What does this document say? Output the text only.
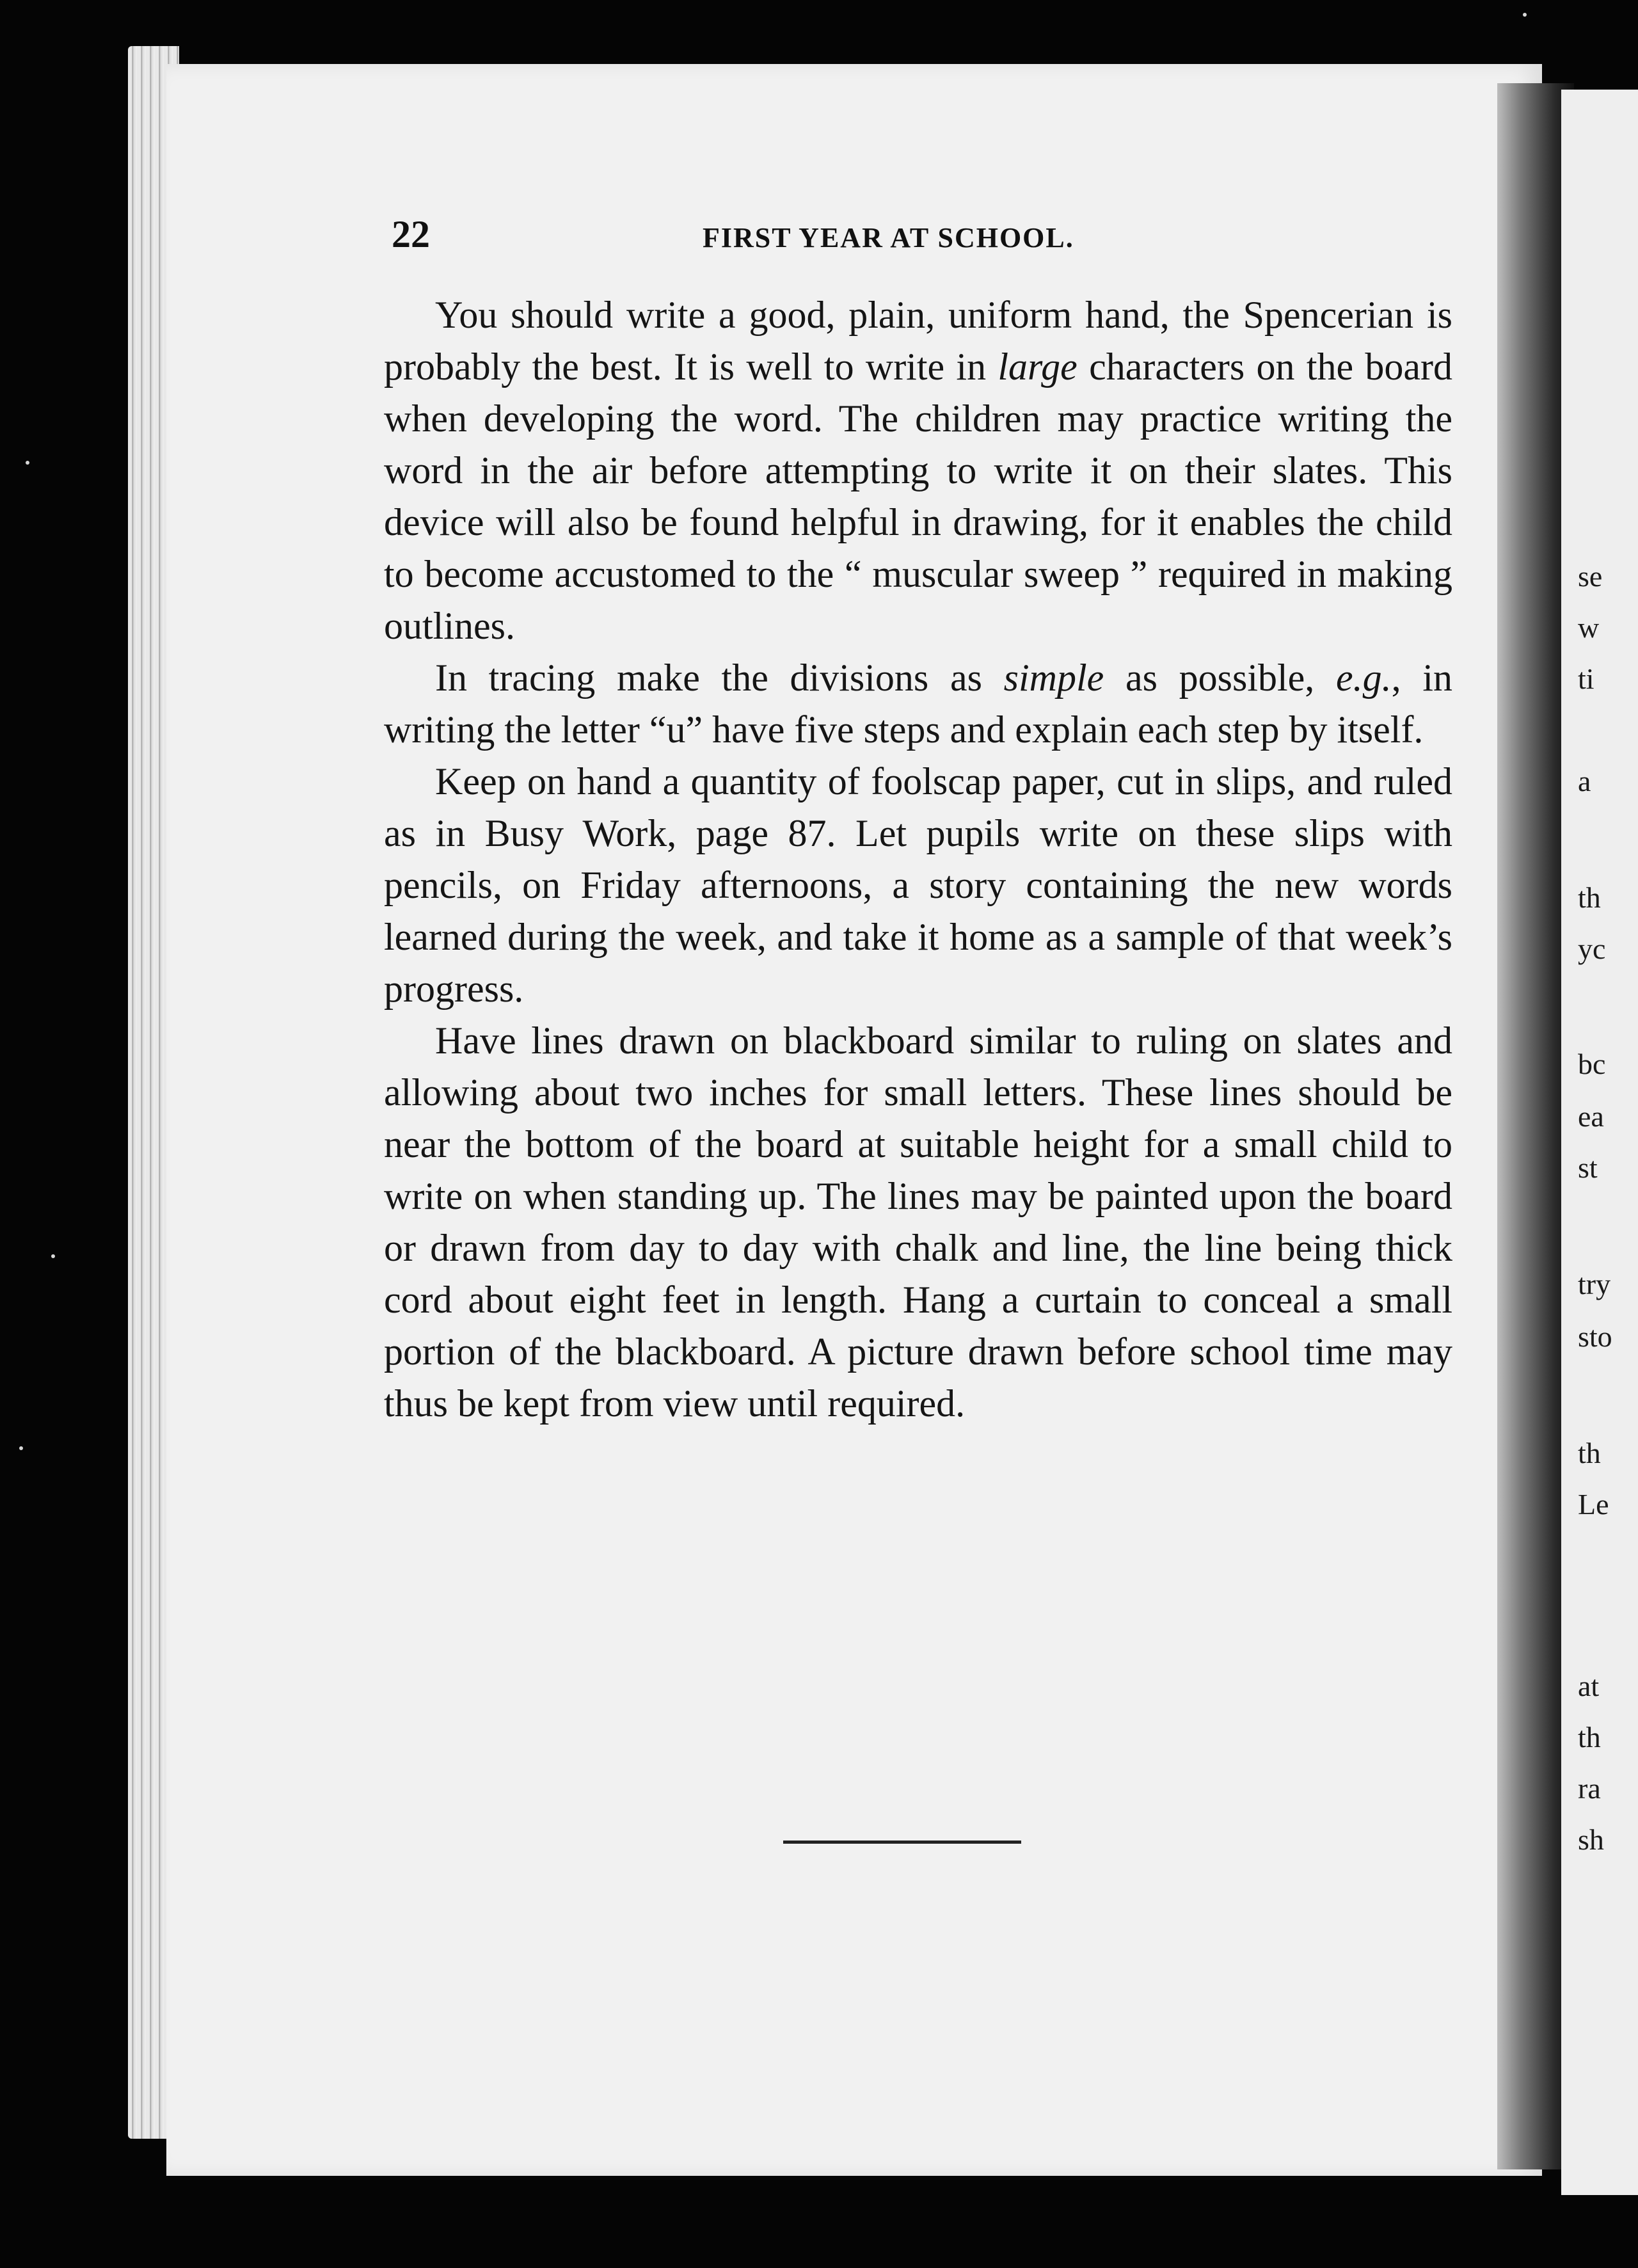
se
w
ti
a
th
yc
bc
ea
st
try
sto
th
Le
at
th
ra
sh
22	FIRST YEAR AT SCHOOL.

You should write a good, plain, uniform hand, the Spencerian is probably the best. It is well to write in large characters on the board when developing the word. The children may practice writing the word in the air before attempting to write it on their slates. This device will also be found helpful in drawing, for it enables the child to become accustomed to the “ muscular sweep ” required in making outlines.

In tracing make the divisions as simple as possible, e.g., in writing the letter “u” have five steps and explain each step by itself.

Keep on hand a quantity of foolscap paper, cut in slips, and ruled as in Busy Work, page 87. Let pupils write on these slips with pencils, on Friday afternoons, a story containing the new words learned during the week, and take it home as a sample of that week’s progress.

Have lines drawn on blackboard similar to ruling on slates and allowing about two inches for small letters. These lines should be near the bottom of the board at suitable height for a small child to write on when standing up. The lines may be painted upon the board or drawn from day to day with chalk and line, the line being thick cord about eight feet in length. Hang a curtain to conceal a small portion of the blackboard. A picture drawn before school time may thus be kept from view until required.
